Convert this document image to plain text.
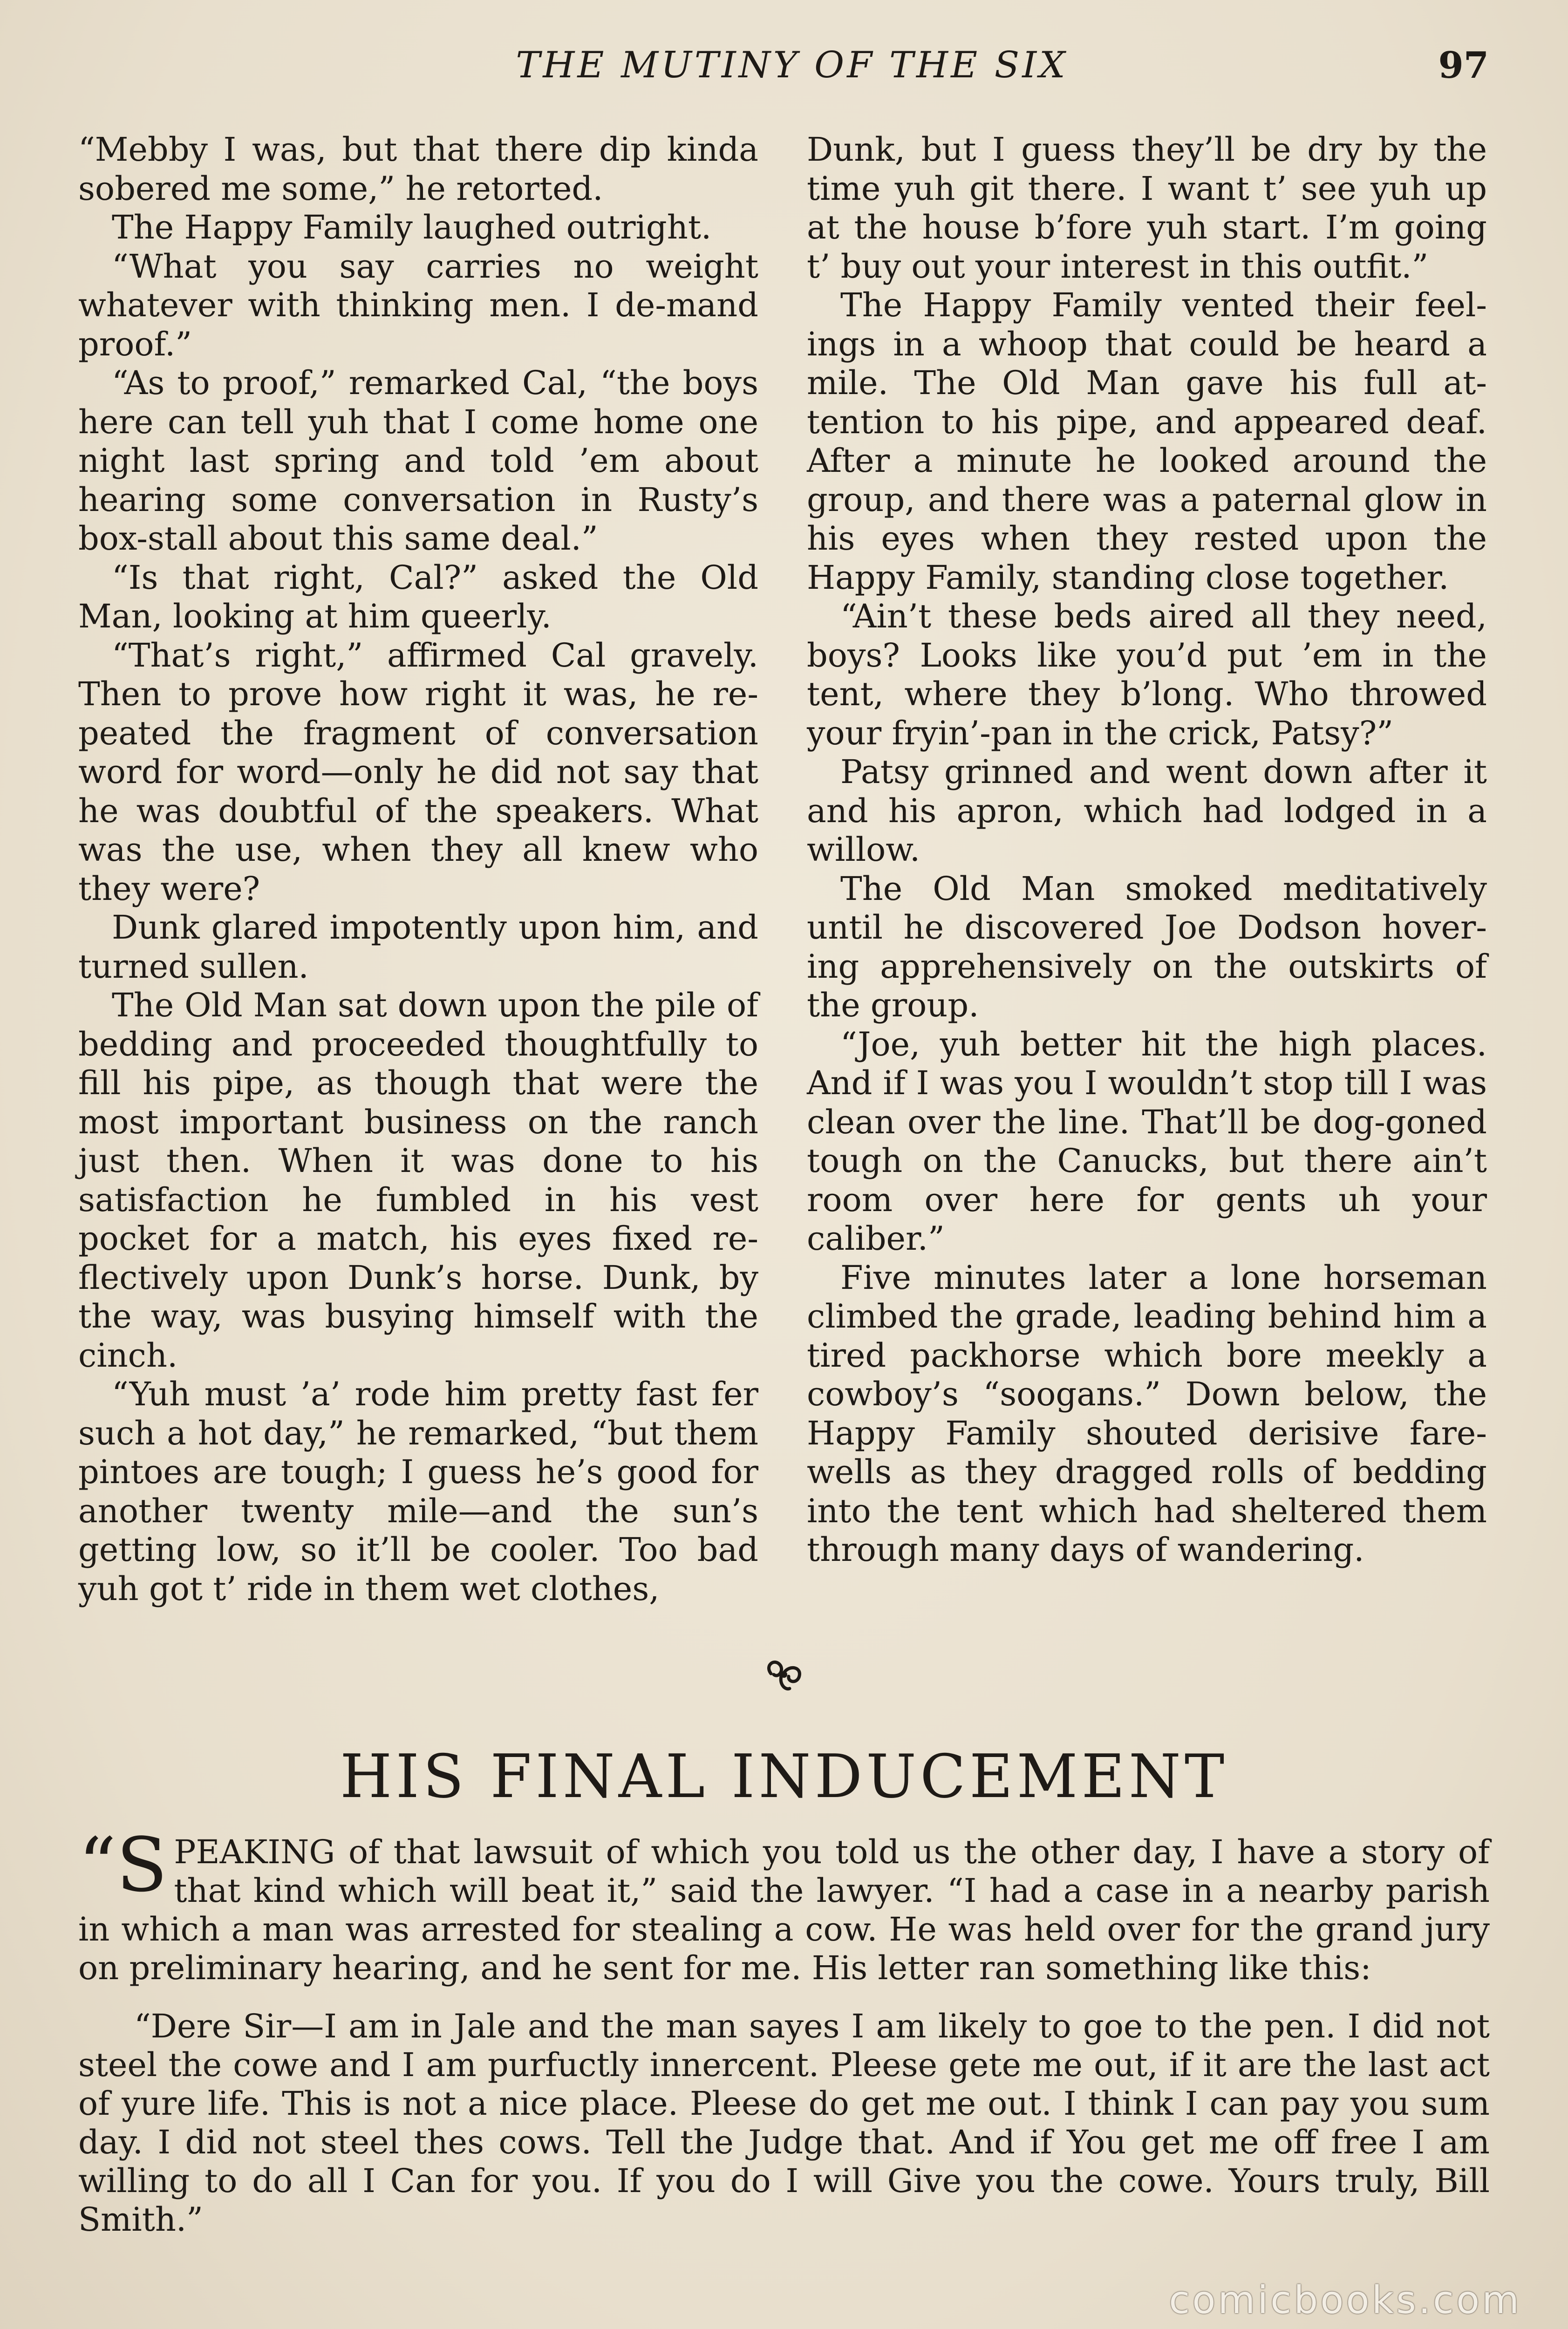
THE MUTINY OF THE SIX	97

“Mebby I was, but that there dip kinda sobered me some,” he retorted.

The Happy Family laughed outright.

“What you say carries no weight whatever with thinking men. I de-mand proof.”

“As to proof,” remarked Cal, “the boys here can tell yuh that I come home one night last spring and told ’em about hearing some conversation in Rusty’s box-stall about this same deal.”

“Is that right, Cal?” asked the Old Man, looking at him queerly.

“That’s right,” affirmed Cal gravely. Then to prove how right it was, he re-peated the fragment of conversation word for word—only he did not say that he was doubtful of the speakers. What was the use, when they all knew who they were?

Dunk glared impotently upon him, and turned sullen.

The Old Man sat down upon the pile of bedding and proceeded thoughtfully to fill his pipe, as though that were the most important business on the ranch just then. When it was done to his satisfaction he fumbled in his vest pocket for a match, his eyes fixed re-flectively upon Dunk’s horse. Dunk, by the way, was busying himself with the cinch.

“Yuh must ’a’ rode him pretty fast fer such a hot day,” he remarked, “but them pintoes are tough; I guess he’s good for another twenty mile—and the sun’s getting low, so it’ll be cooler. Too bad yuh got t’ ride in them wet clothes,

Dunk, but I guess they’ll be dry by the time yuh git there. I want t’ see yuh up at the house b’fore yuh start. I’m going t’ buy out your interest in this outfit.”

The Happy Family vented their feel-ings in a whoop that could be heard a mile. The Old Man gave his full at-tention to his pipe, and appeared deaf. After a minute he looked around the group, and there was a paternal glow in his eyes when they rested upon the Happy Family, standing close together.

“Ain’t these beds aired all they need, boys? Looks like you’d put ’em in the tent, where they b’long. Who throwed your fryin’-pan in the crick, Patsy?”

Patsy grinned and went down after it and his apron, which had lodged in a willow.

The Old Man smoked meditatively until he discovered Joe Dodson hover-ing apprehensively on the outskirts of the group.

“Joe, yuh better hit the high places. And if I was you I wouldn’t stop till I was clean over the line. That’ll be dog-goned tough on the Canucks, but there ain’t room over here for gents uh your caliber.”

Five minutes later a lone horseman climbed the grade, leading behind him a tired packhorse which bore meekly a cowboy’s “soogans.” Down below, the Happy Family shouted derisive fare-wells as they dragged rolls of bedding into the tent which had sheltered them through many days of wandering.

HIS FINAL INDUCEMENT

“S PEAKING of that lawsuit of which you told us the other day, I have a story of that kind which will beat it,” said the lawyer. “I had a case in a nearby parish in which a man was arrested for stealing a cow. He was held over for the grand jury on preliminary hearing, and he sent for me. His letter ran something like this:

“Dere Sir—I am in Jale and the man sayes I am likely to goe to the pen. I did not steel the cowe and I am purfuctly innercent. Pleese gete me out, if it are the last act of yure life. This is not a nice place. Pleese do get me out. I think I can pay you sum day. I did not steel thes cows. Tell the Judge that. And if You get me off free I am willing to do all I Can for you. If you do I will Give you the cowe. Yours truly, Bill Smith.”

comicbooks.com
